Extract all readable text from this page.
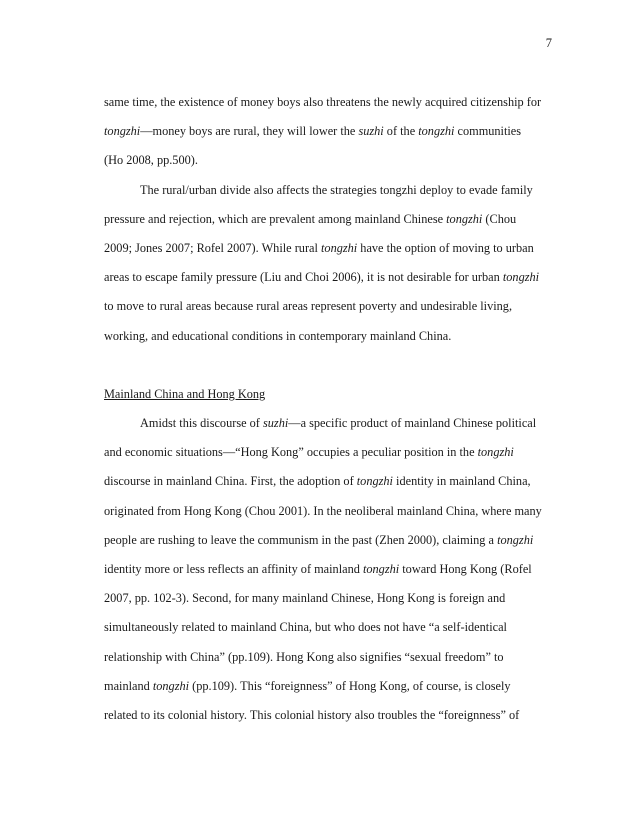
7
same time, the existence of money boys also threatens the newly acquired citizenship for
tongzhi—money boys are rural, they will lower the suzhi of the tongzhi communities
(Ho 2008, pp.500).
The rural/urban divide also affects the strategies tongzhi deploy to evade family
pressure and rejection, which are prevalent among mainland Chinese tongzhi (Chou
2009; Jones 2007; Rofel 2007). While rural tongzhi have the option of moving to urban
areas to escape family pressure (Liu and Choi 2006), it is not desirable for urban tongzhi
to move to rural areas because rural areas represent poverty and undesirable living,
working, and educational conditions in contemporary mainland China.
Mainland China and Hong Kong
Amidst this discourse of suzhi—a specific product of mainland Chinese political
and economic situations—“Hong Kong” occupies a peculiar position in the tongzhi
discourse in mainland China. First, the adoption of tongzhi identity in mainland China,
originated from Hong Kong (Chou 2001). In the neoliberal mainland China, where many
people are rushing to leave the communism in the past (Zhen 2000), claiming a tongzhi
identity more or less reflects an affinity of mainland tongzhi toward Hong Kong (Rofel
2007, pp. 102-3). Second, for many mainland Chinese, Hong Kong is foreign and
simultaneously related to mainland China, but who does not have “a self-identical
relationship with China” (pp.109). Hong Kong also signifies “sexual freedom” to
mainland tongzhi (pp.109). This “foreignness” of Hong Kong, of course, is closely
related to its colonial history. This colonial history also troubles the “foreignness” of
